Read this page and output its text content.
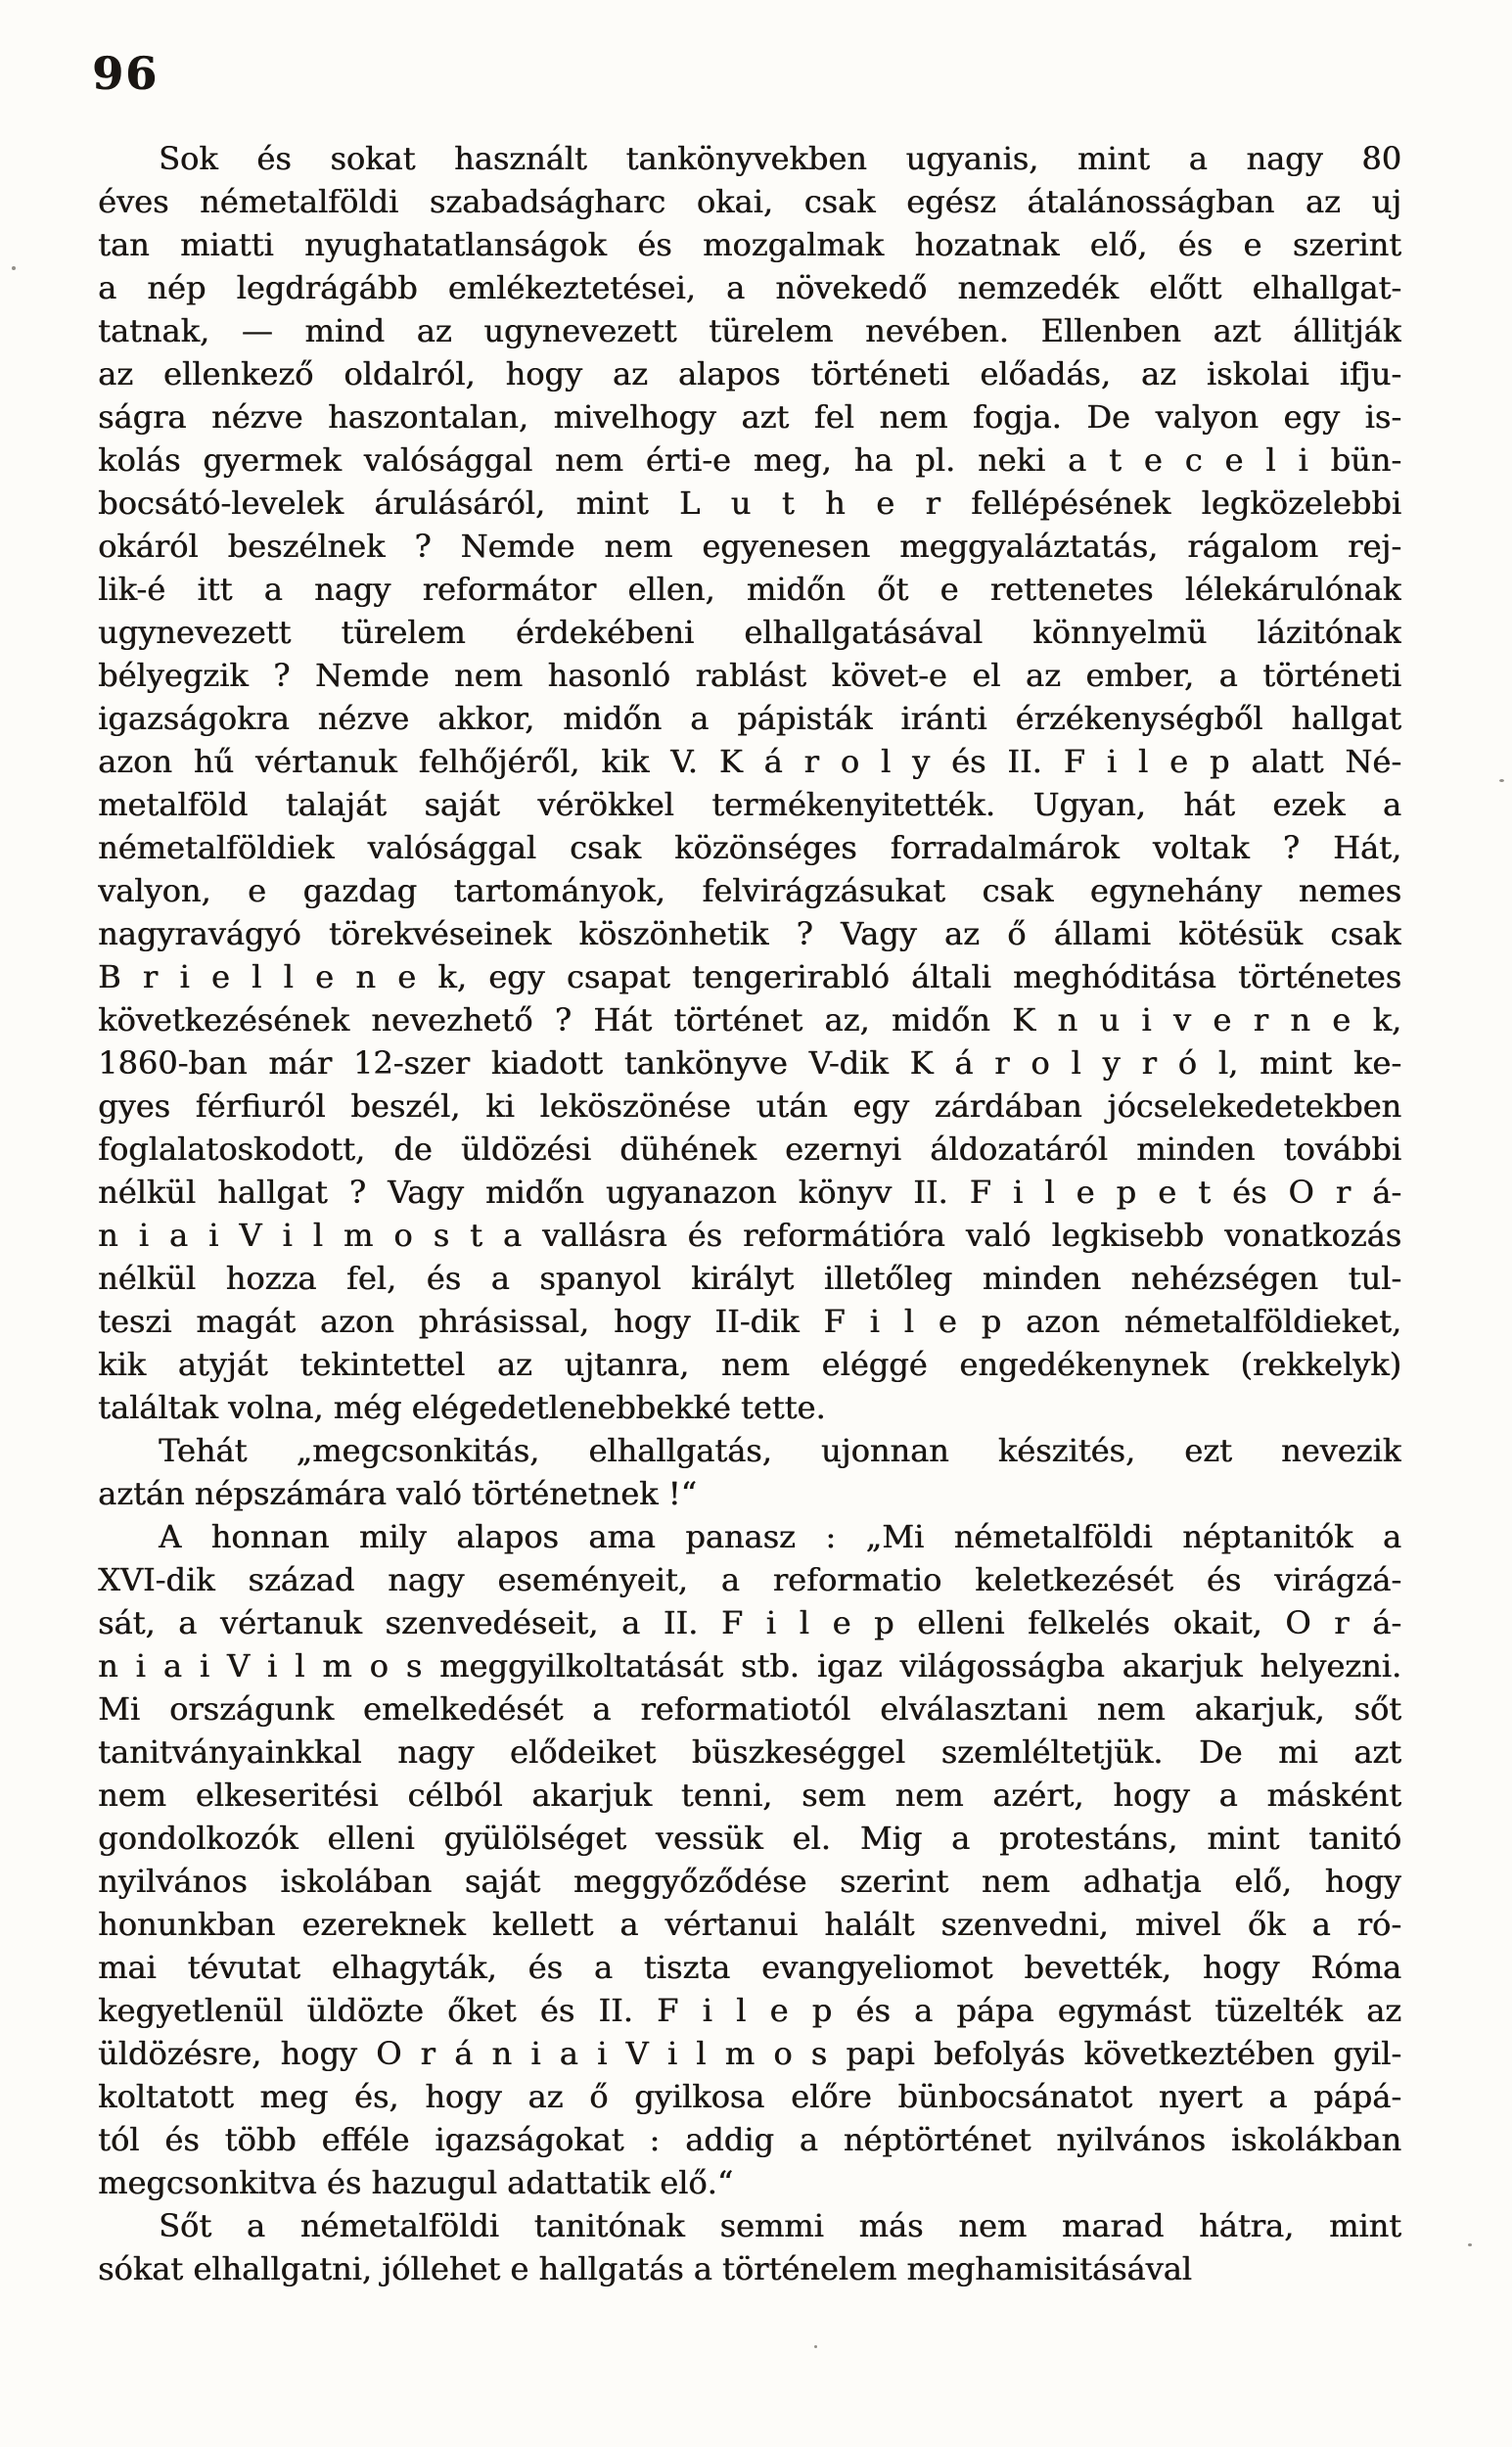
96
Sok és sokat használt tankönyvekben ugyanis, mint a nagy 80
éves németalföldi szabadságharc okai, csak egész átalánosságban az uj
tan miatti nyughatatlanságok és mozgalmak hozatnak elő, és e szerint
a nép legdrágább emlékeztetései, a növekedő nemzedék előtt elhallgat-
tatnak, — mind az ugynevezett türelem nevében. Ellenben azt állitják
az ellenkező oldalról, hogy az alapos történeti előadás, az iskolai ifju-
ságra nézve haszontalan, mivelhogy azt fel nem fogja. De valyon egy is-
kolás gyermek valósággal nem érti-e meg, ha pl. neki a t e c e l i bün-
bocsátó-levelek árulásáról, mint L u t h e r fellépésének legközelebbi
okáról beszélnek ? Nemde nem egyenesen meggyaláztatás, rágalom rej-
lik-é itt a nagy reformátor ellen, midőn őt e rettenetes lélekárulónak
ugynevezett türelem érdekébeni elhallgatásával könnyelmü lázitónak
bélyegzik ? Nemde nem hasonló rablást követ-e el az ember, a történeti
igazságokra nézve akkor, midőn a pápisták iránti érzékenységből hallgat
azon hű vértanuk felhőjéről, kik V. K á r o l y és II. F i l e p alatt Né-
metalföld talaját saját vérökkel termékenyitették. Ugyan, hát ezek a
németalföldiek valósággal csak közönséges forradalmárok voltak ? Hát,
valyon, e gazdag tartományok, felvirágzásukat csak egynehány nemes
nagyravágyó törekvéseinek köszönhetik ? Vagy az ő állami kötésük csak
B r i e l l e n e k, egy csapat tengerirabló általi meghóditása történetes
következésének nevezhető ? Hát történet az, midőn K n u i v e r n e k,
1860-ban már 12-szer kiadott tankönyve V-dik K á r o l y r ó l, mint ke-
gyes férfiuról beszél, ki leköszönése után egy zárdában jócselekedetekben
foglalatoskodott, de üldözési dühének ezernyi áldozatáról minden további
nélkül hallgat ? Vagy midőn ugyanazon könyv II. F i l e p e t és O r á-
n i a i V i l m o s t a vallásra és reformátióra való legkisebb vonatkozás
nélkül hozza fel, és a spanyol királyt illetőleg minden nehézségen tul-
teszi magát azon phrásissal, hogy II-dik F i l e p azon németalföldieket,
kik atyját tekintettel az ujtanra, nem eléggé engedékenynek (rekkelyk)
találtak volna, még elégedetlenebbekké tette.
Tehát „megcsonkitás, elhallgatás, ujonnan készités, ezt nevezik
aztán népszámára való történetnek !“
A honnan mily alapos ama panasz : „Mi németalföldi néptanitók a
XVI-dik század nagy eseményeit, a reformatio keletkezését és virágzá-
sát, a vértanuk szenvedéseit, a II. F i l e p elleni felkelés okait, O r á-
n i a i V i l m o s meggyilkoltatását stb. igaz világosságba akarjuk helyezni.
Mi országunk emelkedését a reformatiotól elválasztani nem akarjuk, sőt
tanitványainkkal nagy elődeiket büszkeséggel szemléltetjük. De mi azt
nem elkeseritési célból akarjuk tenni, sem nem azért, hogy a másként
gondolkozók elleni gyülölséget vessük el. Mig a protestáns, mint tanitó
nyilvános iskolában saját meggyőződése szerint nem adhatja elő, hogy
honunkban ezereknek kellett a vértanui halált szenvedni, mivel ők a ró-
mai tévutat elhagyták, és a tiszta evangyeliomot bevették, hogy Róma
kegyetlenül üldözte őket és II. F i l e p és a pápa egymást tüzelték az
üldözésre, hogy O r á n i a i V i l m o s papi befolyás következtében gyil-
koltatott meg és, hogy az ő gyilkosa előre bünbocsánatot nyert a pápá-
tól és több efféle igazságokat : addig a néptörténet nyilvános iskolákban
megcsonkitva és hazugul adattatik elő.“
Sőt a németalföldi tanitónak semmi más nem marad hátra, mint
sókat elhallgatni, jóllehet e hallgatás a történelem meghamisitásával
